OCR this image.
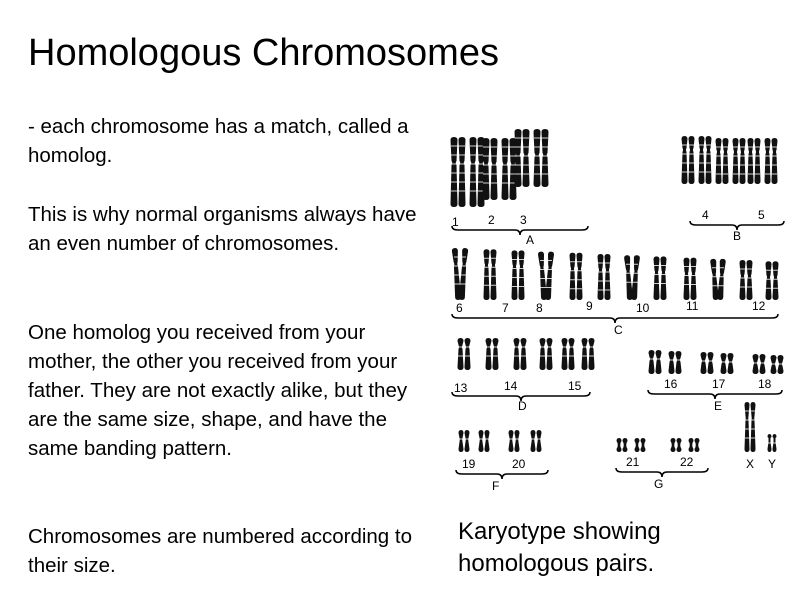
Homologous Chromosomes

- each chromosome has a match, called a homolog.

This is why normal organisms always have an even number of chromosomes.

One homolog you received from your mother, the other you received from your father. They are not exactly alike, but they are the same size, shape, and have the same banding pattern.

Chromosomes are numbered according to their size.

1 2 3	4	5
6	7 8	9	10	11	12
13	14	15	16	17	18
19	20	21	22	X Y
A	B
C
D	E
F	G
Karyotype showing homologous pairs.
